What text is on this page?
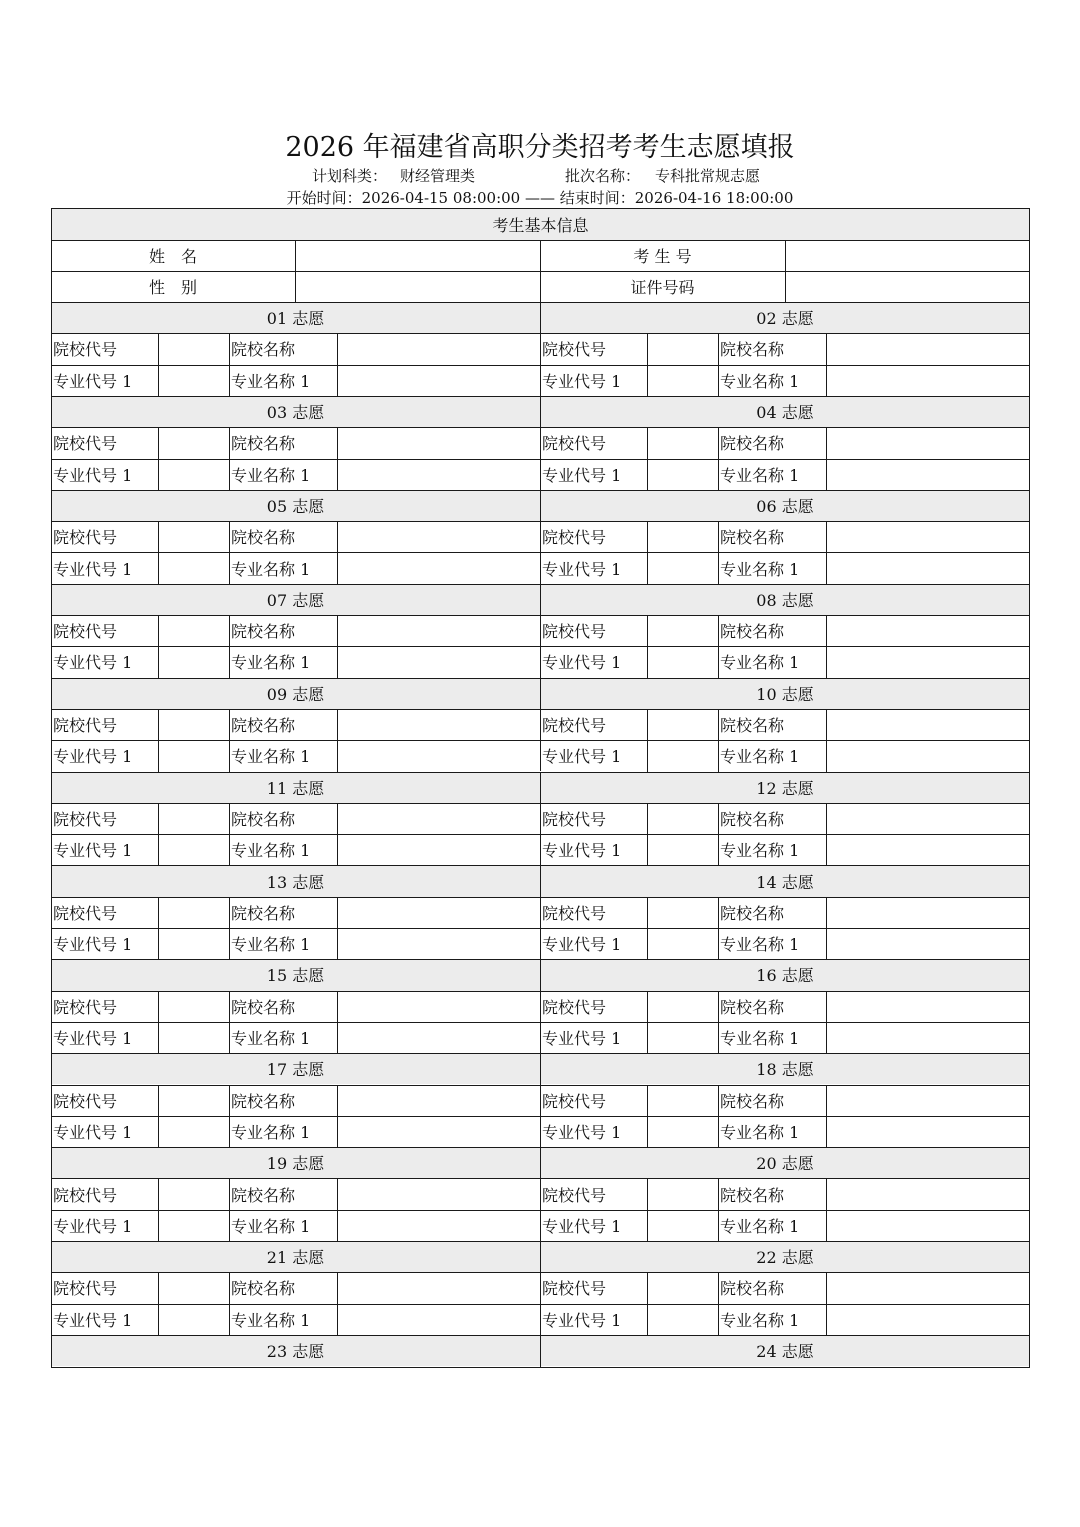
2026 年福建省高职分类招考考生志愿填报
计划科类： 财经管理类	批次名称： 专科批常规志愿
开始时间：2026-04-15 08:00:00 —— 结束时间：2026-04-16 18:00:00
考生基本信息
姓　名	考 生 号
性　别	证件号码
01 志愿
院校代号	院校名称
专业代号 1	专业名称 1
02 志愿
院校代号	院校名称
专业代号 1	专业名称 1
03 志愿
院校代号	院校名称
专业代号 1	专业名称 1
04 志愿
院校代号	院校名称
专业代号 1	专业名称 1
05 志愿
院校代号	院校名称
专业代号 1	专业名称 1
06 志愿
院校代号	院校名称
专业代号 1	专业名称 1
07 志愿
院校代号	院校名称
专业代号 1	专业名称 1
08 志愿
院校代号	院校名称
专业代号 1	专业名称 1
09 志愿
院校代号	院校名称
专业代号 1	专业名称 1
10 志愿
院校代号	院校名称
专业代号 1	专业名称 1
11 志愿
院校代号	院校名称
专业代号 1	专业名称 1
12 志愿
院校代号	院校名称
专业代号 1	专业名称 1
13 志愿
院校代号	院校名称
专业代号 1	专业名称 1
14 志愿
院校代号	院校名称
专业代号 1	专业名称 1
15 志愿
院校代号	院校名称
专业代号 1	专业名称 1
16 志愿
院校代号	院校名称
专业代号 1	专业名称 1
17 志愿
院校代号	院校名称
专业代号 1	专业名称 1
18 志愿
院校代号	院校名称
专业代号 1	专业名称 1
19 志愿
院校代号	院校名称
专业代号 1	专业名称 1
20 志愿
院校代号	院校名称
专业代号 1	专业名称 1
21 志愿
院校代号	院校名称
专业代号 1	专业名称 1
22 志愿
院校代号	院校名称
专业代号 1	专业名称 1
23 志愿	24 志愿
